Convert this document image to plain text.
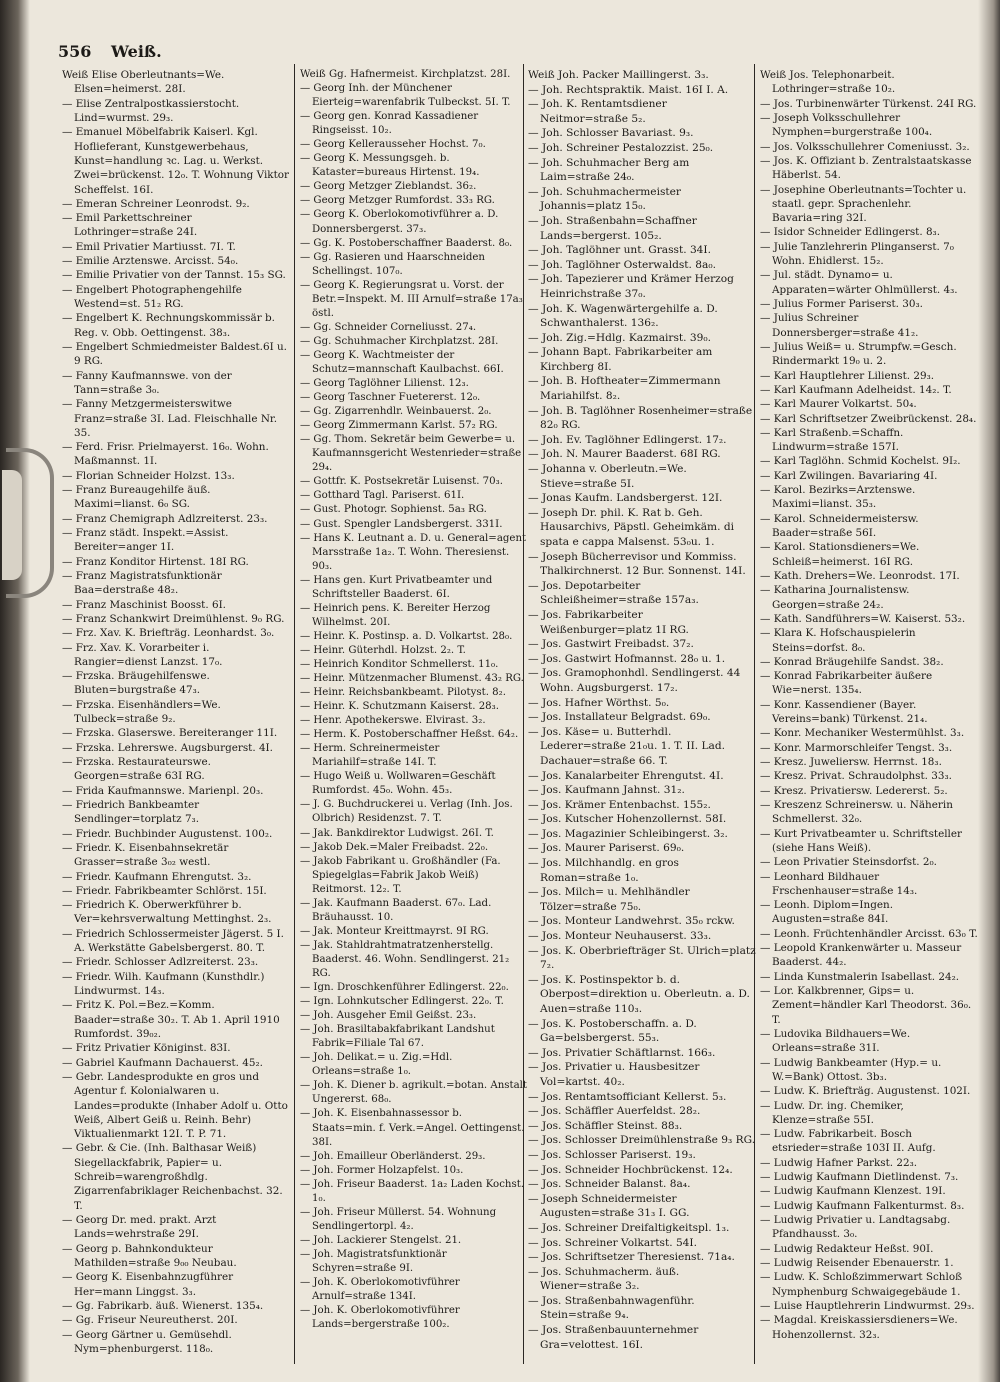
556 Weiß.

Weiß Elise Oberleutnants=We. Elsen=heimerst. 28I.

— Elise Zentralpostkassierstocht. Lind=wurmst. 29₃.

— Emanuel Möbelfabrik Kaiserl. Kgl. Hoflieferant, Kunstgewerbehaus, Kunst=handlung ꝛc. Lag. u. Werkst. Zwei=brückenst. 12₀. T. Wohnung Viktor Scheffelst. 16I.

— Emeran Schreiner Leonrodst. 9₂.

— Emil Parkettschreiner Lothringer=straße 24I.

— Emil Privatier Martiusst. 7I. T.

— Emilie Arztenswe. Arcisst. 54₀.

— Emilie Privatier von der Tannst. 15₃ SG.

— Engelbert Photographengehilfe Westend=st. 51₂ RG.

— Engelbert K. Rechnungskommissär b. Reg. v. Obb. Oettingenst. 38₃.

— Engelbert Schmiedmeister Baldest.6I u. 9 RG.

— Fanny Kaufmannswe. von der Tann=straße 3₀.

— Fanny Metzgermeisterswitwe Franz=straße 3I. Lad. Fleischhalle Nr. 35.

— Ferd. Frisr. Prielmayerst. 16₀. Wohn. Maßmannst. 1I.

— Florian Schneider Holzst. 13₃.

— Franz Bureaugehilfe äuß. Maximi=lianst. 6₀ SG.

— Franz Chemigraph Adlzreiterst. 23₃.

— Franz städt. Inspekt.=Assist. Bereiter=anger 1I.

— Franz Konditor Hirtenst. 18I RG.

— Franz Magistratsfunktionär Baa=derstraße 48₂.

— Franz Maschinist Boosst. 6I.

— Franz Schankwirt Dreimühlenst. 9₀ RG.

— Frz. Xav. K. Briefträg. Leonhardst. 3₀.

— Frz. Xav. K. Vorarbeiter i. Rangier=dienst Lanzst. 17₀.

— Frzska. Bräugehilfenswe. Bluten=burgstraße 47₃.

— Frzska. Eisenhändlers=We. Tulbeck=straße 9₂.

— Frzska. Glaserswe. Bereiteranger 11I.

— Frzska. Lehrerswe. Augsburgerst. 4I.

— Frzska. Restaurateurswe. Georgen=straße 63I RG.

— Frida Kaufmannswe. Marienpl. 20₃.

— Friedrich Bankbeamter Sendlinger=torplatz 7₃.

— Friedr. Buchbinder Augustenst. 100₂.

— Friedr. K. Eisenbahnsekretär Grasser=straße 3₀₂ westl.

— Friedr. Kaufmann Ehrengutst. 3₂.

— Friedr. Fabrikbeamter Schlörst. 15I.

— Friedrich K. Oberwerkführer b. Ver=kehrsverwaltung Mettinghst. 2₃.

— Friedrich Schlossermeister Jägerst. 5 I. A. Werkstätte Gabelsbergerst. 80. T.

— Friedr. Schlosser Adlzreiterst. 23₃.

— Friedr. Wilh. Kaufmann (Kunsthdlr.) Lindwurmst. 14₃.

— Fritz K. Pol.=Bez.=Komm. Baader=straße 30₂. T. Ab 1. April 1910 Rumfordst. 39₀₂.

— Fritz Privatier Königinst. 83I.

— Gabriel Kaufmann Dachauerst. 45₂.

— Gebr. Landesprodukte en gros und Agentur f. Kolonialwaren u. Landes=produkte (Inhaber Adolf u. Otto Weiß, Albert Geiß u. Reinh. Behr) Viktualienmarkt 12I. T. P. 71.

— Gebr. & Cie. (Inh. Balthasar Weiß) Siegellackfabrik, Papier= u. Schreib=warengroßhdlg. Zigarrenfabriklager Reichenbachst. 32. T.

— Georg Dr. med. prakt. Arzt Lands=wehrstraße 29I.

— Georg p. Bahnkondukteur Mathilden=straße 9₀₀ Neubau.

— Georg K. Eisenbahnzugführer Her=mann Linggst. 3₃.

— Gg. Fabrikarb. äuß. Wienerst. 135₄.

— Gg. Friseur Neureutherst. 20I.

— Georg Gärtner u. Gemüsehdl. Nym=phenburgerst. 118₀.

Weiß Gg. Hafnermeist. Kirchplatzst. 28I.

— Georg Inh. der Münchener Eierteig=warenfabrik Tulbeckst. 5I. T.

— Georg gen. Konrad Kassadiener Ringseisst. 10₂.

— Georg Kellerausseher Hochst. 7₀.

— Georg K. Messungsgeh. b. Kataster=bureaus Hirtenst. 19₄.

— Georg Metzger Zieblandst. 36₂.

— Georg Metzger Rumfordst. 33₃ RG.

— Georg K. Oberlokomotivführer a. D. Donnersbergerst. 37₃.

— Gg. K. Postoberschaffner Baaderst. 8₀.

— Gg. Rasieren und Haarschneiden Schellingst. 107₀.

— Georg K. Regierungsrat u. Vorst. der Betr.=Inspekt. M. III Arnulf=straße 17a₃ östl.

— Gg. Schneider Corneliusst. 27₄.

— Gg. Schuhmacher Kirchplatzst. 28I.

— Georg K. Wachtmeister der Schutz=mannschaft Kaulbachst. 66I.

— Georg Taglöhner Lilienst. 12₃.

— Georg Taschner Fuetererst. 12₀.

— Gg. Zigarrenhdlr. Weinbauerst. 2₀.

— Georg Zimmermann Karlst. 57₂ RG.

— Gg. Thom. Sekretär beim Gewerbe= u. Kaufmannsgericht Westenrieder=straße 29₄.

— Gottfr. K. Postsekretär Luisenst. 70₃.

— Gotthard Tagl. Pariserst. 61I.

— Gust. Photogr. Sophienst. 5a₃ RG.

— Gust. Spengler Landsbergerst. 331I.

— Hans K. Leutnant a. D. u. General=agent Marsstraße 1a₂. T. Wohn. Theresienst. 90₃.

— Hans gen. Kurt Privatbeamter und Schriftsteller Baaderst. 6I.

— Heinrich pens. K. Bereiter Herzog Wilhelmst. 20I.

— Heinr. K. Postinsp. a. D. Volkartst. 28₀.

— Heinr. Güterhdl. Holzst. 2₂. T.

— Heinrich Konditor Schmellerst. 11₀.

— Heinr. Mützenmacher Blumenst. 43₂ RG.

— Heinr. Reichsbankbeamt. Pilotyst. 8₂.

— Heinr. K. Schutzmann Kaiserst. 28₃.

— Henr. Apothekerswe. Elvirast. 3₂.

— Herm. K. Postoberschaffner Heßst. 64₂.

— Herm. Schreinermeister Mariahilf=straße 14I. T.

— Hugo Weiß u. Wollwaren=Geschäft Rumfordst. 45₀. Wohn. 45₃.

— J. G. Buchdruckerei u. Verlag (Inh. Jos. Olbrich) Residenzst. 7. T.

— Jak. Bankdirektor Ludwigst. 26I. T.

— Jakob Dek.=Maler Freibadst. 22₀.

— Jakob Fabrikant u. Großhändler (Fa. Spiegelglas=Fabrik Jakob Weiß) Reitmorst. 12₂. T.

— Jak. Kaufmann Baaderst. 67₀. Lad. Bräuhausst. 10.

— Jak. Monteur Kreittmayrst. 9I RG.

— Jak. Stahldrahtmatratzenherstellg. Baaderst. 46. Wohn. Sendlingerst. 21₂ RG.

— Ign. Droschkenführer Edlingerst. 22₀.

— Ign. Lohnkutscher Edlingerst. 22₀. T.

— Joh. Ausgeher Emil Geißst. 23₃.

— Joh. Brasiltabakfabrikant Landshut Fabrik=Filiale Tal 67.

— Joh. Delikat.= u. Zig.=Hdl. Orleans=straße 1₀.

— Joh. K. Diener b. agrikult.=botan. Anstalt Ungererst. 68₀.

— Joh. K. Eisenbahnassessor b. Staats=min. f. Verk.=Angel. Oettingenst. 38I.

— Joh. Emailleur Oberländerst. 29₃.

— Joh. Former Holzapfelst. 10₃.

— Joh. Friseur Baaderst. 1a₂ Laden Kochst. 1₀.

— Joh. Friseur Müllerst. 54. Wohnung Sendlingertorpl. 4₂.

— Joh. Lackierer Stengelst. 21.

— Joh. Magistratsfunktionär Schyren=straße 9I.

— Joh. K. Oberlokomotivführer Arnulf=straße 134I.

— Joh. K. Oberlokomotivführer Lands=bergerstraße 100₂.

Weiß Joh. Packer Maillingerst. 3₃.

— Joh. Rechtspraktik. Maist. 16I I. A.

— Joh. K. Rentamtsdiener Neitmor=straße 5₂.

— Joh. Schlosser Bavariast. 9₃.

— Joh. Schreiner Pestalozzist. 25₀.

— Joh. Schuhmacher Berg am Laim=straße 24₀.

— Joh. Schuhmachermeister Johannis=platz 15₀.

— Joh. Straßenbahn=Schaffner Lands=bergerst. 105₂.

— Joh. Taglöhner unt. Grasst. 34I.

— Joh. Taglöhner Osterwaldst. 8a₀.

— Joh. Tapezierer und Krämer Herzog Heinrichstraße 37₀.

— Joh. K. Wagenwärtergehilfe a. D. Schwanthalerst. 136₂.

— Joh. Zig.=Hdlg. Kazmairst. 39₀.

— Johann Bapt. Fabrikarbeiter am Kirchberg 8I.

— Joh. B. Hoftheater=Zimmermann Mariahilfst. 8₂.

— Joh. B. Taglöhner Rosenheimer=straße 82₀ RG.

— Joh. Ev. Taglöhner Edlingerst. 17₂.

— Joh. N. Maurer Baaderst. 68I RG.

— Johanna v. Oberleutn.=We. Stieve=straße 5I.

— Jonas Kaufm. Landsbergerst. 12I.

— Joseph Dr. phil. K. Rat b. Geh. Hausarchivs, Päpstl. Geheimkäm. di spata e cappa Malsenst. 53₀u. 1.

— Joseph Bücherrevisor und Kommiss. Thalkirchnerst. 12 Bur. Sonnenst. 14I.

— Jos. Depotarbeiter Schleißheimer=straße 157a₃.

— Jos. Fabrikarbeiter Weißenburger=platz 1I RG.

— Jos. Gastwirt Freibadst. 37₂.

— Jos. Gastwirt Hofmannst. 28₀ u. 1.

— Jos. Gramophonhdl. Sendlingerst. 44 Wohn. Augsburgerst. 17₂.

— Jos. Hafner Wörthst. 5₀.

— Jos. Installateur Belgradst. 69₀.

— Jos. Käse= u. Butterhdl. Lederer=straße 21₀u. 1. T. II. Lad. Dachauer=straße 66. T.

— Jos. Kanalarbeiter Ehrengutst. 4I.

— Jos. Kaufmann Jahnst. 31₂.

— Jos. Krämer Entenbachst. 155₂.

— Jos. Kutscher Hohenzollernst. 58I.

— Jos. Magazinier Schleibingerst. 3₂.

— Jos. Maurer Pariserst. 69₀.

— Jos. Milchhandlg. en gros Roman=straße 1₀.

— Jos. Milch= u. Mehlhändler Tölzer=straße 75₀.

— Jos. Monteur Landwehrst. 35₀ rckw.

— Jos. Monteur Neuhauserst. 33₃.

— Jos. K. Oberbriefträger St. Ulrich=platz 7₂.

— Jos. K. Postinspektor b. d. Oberpost=direktion u. Oberleutn. a. D. Auen=straße 110₃.

— Jos. K. Postoberschaffn. a. D. Ga=belsbergerst. 55₃.

— Jos. Privatier Schäftlarnst. 166₃.

— Jos. Privatier u. Hausbesitzer Vol=kartst. 40₂.

— Jos. Rentamtsofficiant Kellerst. 5₃.

— Jos. Schäffler Auerfeldst. 28₂.

— Jos. Schäffler Steinst. 88₃.

— Jos. Schlosser Dreimühlenstraße 9₃ RG.

— Jos. Schlosser Pariserst. 19₃.

— Jos. Schneider Hochbrückenst. 12₄.

— Jos. Schneider Balanst. 8a₄.

— Joseph Schneidermeister Augusten=straße 31₃ I. GG.

— Jos. Schreiner Dreifaltigkeitspl. 1₃.

— Jos. Schreiner Volkartst. 54I.

— Jos. Schriftsetzer Theresienst. 71a₄.

— Jos. Schuhmacherm. äuß. Wiener=straße 3₂.

— Jos. Straßenbahnwagenführ. Stein=straße 9₄.

— Jos. Straßenbauunternehmer Gra=velottest. 16I.

Weiß Jos. Telephonarbeit. Lothringer=straße 10₂.

— Jos. Turbinenwärter Türkenst. 24I RG.

— Joseph Volksschullehrer Nymphen=burgerstraße 100₄.

— Jos. Volksschullehrer Comeniusst. 3₂.

— Jos. K. Offiziant b. Zentralstaatskasse Häberlst. 54.

— Josephine Oberleutnants=Tochter u. staatl. gepr. Sprachenlehr. Bavaria=ring 32I.

— Isidor Schneider Edlingerst. 8₃.

— Julie Tanzlehrerin Plinganserst. 7₀ Wohn. Ehidlerst. 15₂.

— Jul. städt. Dynamo= u. Apparaten=wärter Ohlmüllerst. 4₃.

— Julius Former Pariserst. 30₃.

— Julius Schreiner Donnersberger=straße 41₂.

— Julius Weiß= u. Strumpfw.=Gesch. Rindermarkt 19₀ u. 2.

— Karl Hauptlehrer Lilienst. 29₃.

— Karl Kaufmann Adelheidst. 14₂. T.

— Karl Maurer Volkartst. 50₄.

— Karl Schriftsetzer Zweibrückenst. 28₄.

— Karl Straßenb.=Schaffn. Lindwurm=straße 157I.

— Karl Taglöhn. Schmid Kochelst. 9I₂.

— Karl Zwilingen. Bavariaring 4I.

— Karol. Bezirks=Arztenswe. Maximi=lianst. 35₃.

— Karol. Schneidermeistersw. Baader=straße 56I.

— Karol. Stationsdieners=We. Schleiß=heimerst. 16I RG.

— Kath. Drehers=We. Leonrodst. 17I.

— Katharina Journalistensw. Georgen=straße 24₂.

— Kath. Sandführers=W. Kaiserst. 53₂.

— Klara K. Hofschauspielerin Steins=dorfst. 8₀.

— Konrad Bräugehilfe Sandst. 38₂.

— Konrad Fabrikarbeiter äußere Wie=nerst. 135₄.

— Konr. Kassendiener (Bayer. Vereins=bank) Türkenst. 21₄.

— Konr. Mechaniker Westermühlst. 3₃.

— Konr. Marmorschleifer Tengst. 3₃.

— Kresz. Juweliersw. Herrnst. 18₃.

— Kresz. Privat. Schraudolphst. 33₃.

— Kresz. Privatiersw. Ledererst. 5₂.

— Kreszenz Schreinersw. u. Näherin Schmellerst. 32₀.

— Kurt Privatbeamter u. Schriftsteller (siehe Hans Weiß).

— Leon Privatier Steinsdorfst. 2₀.

— Leonhard Bildhauer Frschenhauser=straße 14₃.

— Leonh. Diplom=Ingen. Augusten=straße 84I.

— Leonh. Früchtenhändler Arcisst. 63₀ T.

— Leopold Krankenwärter u. Masseur Baaderst. 44₂.

— Linda Kunstmalerin Isabellast. 24₂.

— Lor. Kalkbrenner, Gips= u. Zement=händler Karl Theodorst. 36₀. T.

— Ludovika Bildhauers=We. Orleans=straße 31I.

— Ludwig Bankbeamter (Hyp.= u. W.=Bank) Ottost. 3b₃.

— Ludw. K. Briefträg. Augustenst. 102I.

— Ludw. Dr. ing. Chemiker, Klenze=straße 55I.

— Ludw. Fabrikarbeit. Bosch etsrieder=straße 103I II. Aufg.

— Ludwig Hafner Parkst. 22₃.

— Ludwig Kaufmann Dietlindenst. 7₃.

— Ludwig Kaufmann Klenzest. 19I.

— Ludwig Kaufmann Falkenturmst. 8₃.

— Ludwig Privatier u. Landtagsabg. Pfandhausst. 3₀.

— Ludwig Redakteur Heßst. 90I.

— Ludwig Reisender Ebenauerstr. 1.

— Ludw. K. Schloßzimmerwart Schloß Nymphenburg Schwaigegebäude 1.

— Luise Hauptlehrerin Lindwurmst. 29₃.

— Magdal. Kreiskassiersdieners=We. Hohenzollernst. 32₃.
